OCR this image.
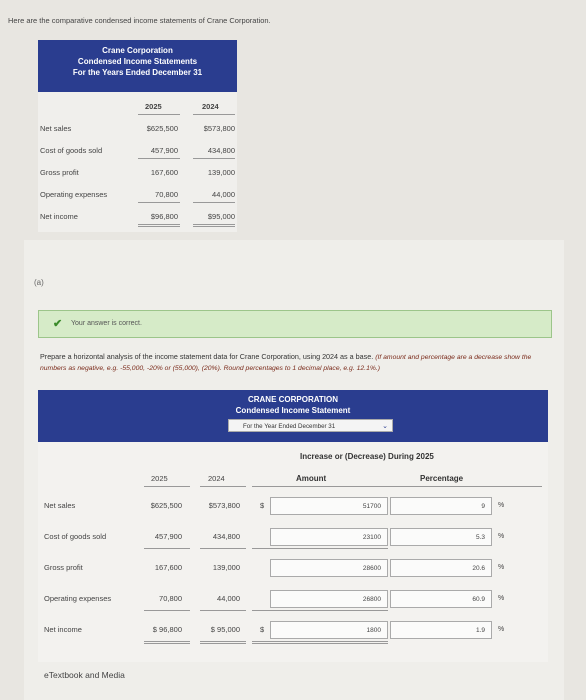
Here are the comparative condensed income statements of Crane Corporation.
Crane Corporation
Condensed Income Statements
For the Years Ended December 31
2025	2024
Net sales	$625,500	$573,800
Cost of goods sold	457,900	434,800
Gross profit	167,600	139,000
Operating expenses	70,800	44,000
Net income	$96,800	$95,000
(a)
✔ Your answer is correct.
Prepare a horizontal analysis of the income statement data for Crane Corporation, using 2024 as a base. (If amount and percentage are a decrease show the numbers as negative, e.g. -55,000, -20% or (55,000), (20%). Round percentages to 1 decimal place, e.g. 12.1%.)
CRANE CORPORATION
Condensed Income Statement
For the Year Ended December 31	⌄
Increase or (Decrease) During 2025
Amount	Percentage
2025	2024
Net sales	$625,500	$573,800	$	51700	9	%
Cost of goods sold	457,900	434,800	23100	5.3	%
Gross profit	167,600	139,000	28600	20.6	%
Operating expenses	70,800	44,000	26800	60.9	%
Net income	$ 96,800	$ 95,000	$	1800	1.9	%
eTextbook and Media
